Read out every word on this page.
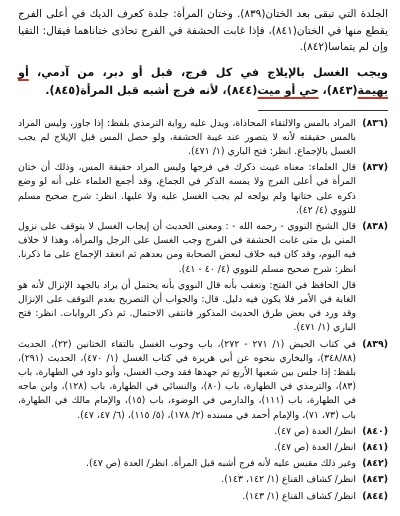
الجلدة التي تبقى بعد الختان(٨٣٩). وختان المرأة: جلدة كعرف الديك في أعلى الفرج يقطع منها في الختان(٨٤١)، فإذا غابت الحشفة في الفرج تحاذى ختاناهما فيقال: التقيا وإن لم يتماسا(٨٤٢).

ويجب الغسل بالإيلاج في كل فرج، قبل أو دبر، من آدمي، أو بهيمة(٨٤٣)، حي أو ميت(٨٤٤)، لأنه فرج أشبه قبل المرأة(٨٤٥).
(٨٣٦)
المراد بالمس والالتقاء المحاذاة، ويدل عليه رواية الترمذي بلفظ: إذا جاوز، وليس المراد بالمس حقيقته لأنه لا يتصور عند غيبة الحشفة، ولو حصل المس قبل الإيلاج لم يجب الغسل بالإجماع. انظر: فتح الباري (١/ ٤٧١).
(٨٣٧)
قال العلماء: معناه غيبت ذكرك في فرجها وليس المراد حقيقة المس، وذلك أن ختان المرأة في أعلى الفرج ولا يمسه الذكر في الجماع، وقد أجمع العلماء على أنه لو وضع ذكره على ختانها ولم يولجه لم يجب الغسل عليه ولا عليها. انظر: شرح صحيح مسلم للنووي (٤/ ٤٢).
(٨٣٨)
قال الشيخ النووي - رحمه الله - : ومعنى الحديث أن إيجاب الغسل لا يتوقف على نزول المني بل متى غابت الحشفة في الفرج وجب الغسل على الرجل والمرأة، وهذا لا خلاف فيه اليوم، وقد كان فيه خلاف لبعض الصحابة ومن بعدهم ثم انعقد الإجماع على ما ذكرنا. انظر: شرح صحيح مسلم للنووي (٤/ ٤٠ - ٤١).
قال الحافظ في الفتح: وتعقب بأنه قال النووي بأنه يحتمل أن يراد بالجهد الإنزال لأنه هو الغاية في الأمر فلا يكون فيه دليل. قال: والجواب أن التصريح بعدم التوقف على الإنزال وقد ورد في بعض طرق الحديث المذكور فانتفى الاحتمال. ثم ذكر الروايات. انظر: فتح الباري (١/ ٤٧١).
(٨٣٩)
في كتاب الحيض (١/ ٢٧١ - ٢٧٢)، باب وجوب الغسل بالتقاء الختانين (٢٢)، الحديث (٣٤٨/٨٨)، والبخاري بنحوه عن أبي هريرة في كتاب الغسل (١/ ٤٧٠)، الحديث (٢٩١)، بلفظ: إذا جلس بين شعبها الأربع ثم جهدها فقد وجب الغسل، وأبو داود في الطهارة، باب (٨٣)، والترمذي في الطهارة، باب (٨٠)، والنسائي في الطهارة، باب (١٢٨)، وابن ماجه في الطهارة، باب (١١١)، والدارمي في الوضوء، باب (١٥)، والإمام مالك في الطهارة، باب (٧٣، ٧١)، والإمام أحمد في مسنده (٢/ ١٧٨)، (٥/ ١١٥)، (٦/ ٤٧، ٤٧).
(٨٤٠)
انظر/ العدة (ص ٤٧).
(٨٤١)
انظر/ العدة (ص ٤٧).
(٨٤٢)
وغير ذلك مقيس عليه لأنه فرج أشبه قبل المرأة. انظر/ العدة (ص ٤٧).
(٨٤٣)
انظر/ كشاف القناع (١/ ١٤٢، ١٤٣).
(٨٤٤)
انظر/ كشاف القناع (١/ ١٤٣).
